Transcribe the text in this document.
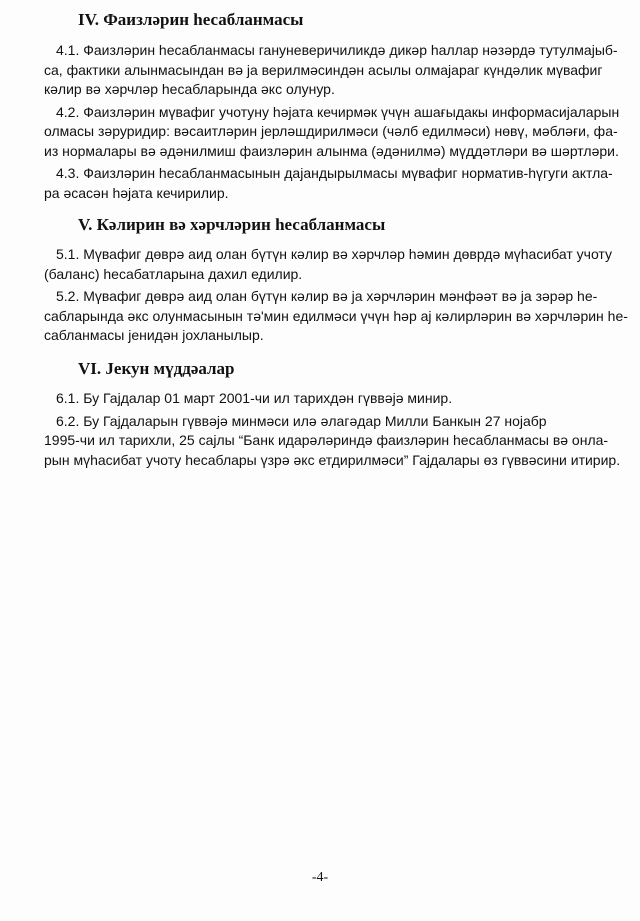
IV. Фаизләрин һесабланмасы
4.1. Фаизләрин һесабланмасы гануневеричиликдә дикәр һаллар нәзәрдә тутулмајыб-
са, фактики алынмасындан вә ја верилмәсиндән асылы олмајараг күндәлик мүвафиг
кәлир вә хәрчләр һесабларында әкс олунур.
4.2. Фаизләрин мүвафиг учотуну һәјата кечирмәк үчүн ашағыдакы информасијаларын
олмасы зәруридир: вәсаитләрин јерләшдирилмәси (чәлб едилмәси) нөвү, мәбләғи, фа-
из нормалары вә әдәнилмиш фаизләрин алынма (әдәнилмә) мүддәтләри вә шәртләри.
4.3. Фаизләрин һесабланмасынын дајандырылмасы мүвафиг норматив-һүгуги актла-
ра әсасән һәјата кечирилир.
V. Кәлирин вә хәрчләрин һесабланмасы
5.1. Мүвафиг дөврә аид олан бүтүн кәлир вә хәрчләр һәмин дөврдә мүһасибат учоту
(баланс) һесабатларына дахил едилир.
5.2. Мүвафиг дөврә аид олан бүтүн кәлир вә ја хәрчләрин мәнфәәт вә ја зәрәр һе-
сабларында әкс олунмасынын тә'мин едилмәси үчүн һәр ај кәлирләрин вә хәрчләрин һе-
сабланмасы јенидән јохланылыр.
VI. Јекун мүддәалар
6.1. Бу Гајдалар 01 март 2001-чи ил тарихдән гүввәјә минир.
6.2. Бу Гајдаларын гүввәјә минмәси илә әлагәдар Милли Банкын 27 нојабр
1995-чи ил тарихли, 25 сајлы “Банк идарәләриндә фаизләрин һесабланмасы вә онла-
рын мүһасибат учоту һесаблары үзрә әкс етдирилмәси” Гајдалары өз гүввәсини итирир.
-4-
